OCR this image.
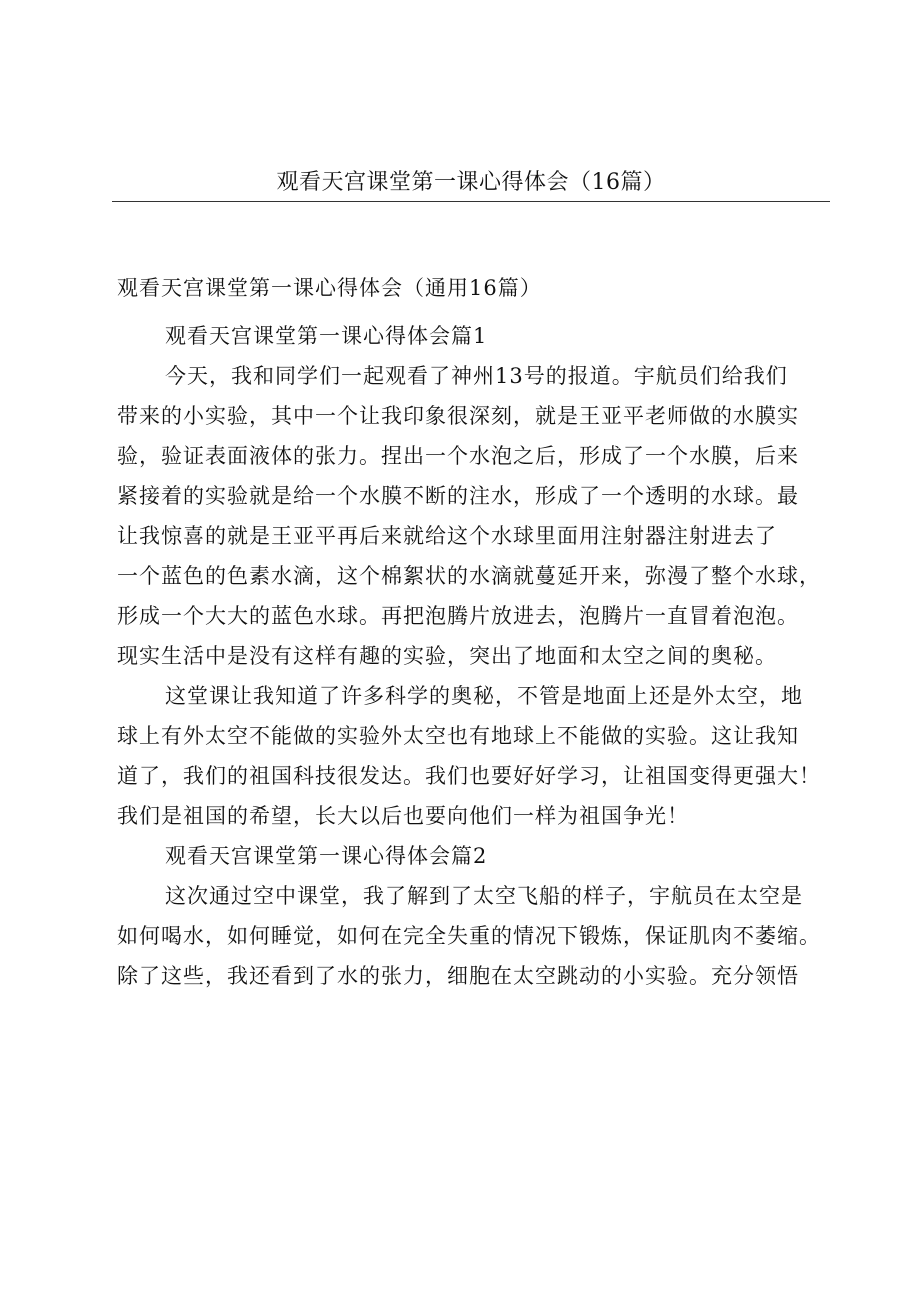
观看天宫课堂第一课心得体会（16篇）
观看天宫课堂第一课心得体会（通用16篇）
观看天宫课堂第一课心得体会篇1
今天，我和同学们一起观看了神州13号的报道。宇航员们给我们
带来的小实验，其中一个让我印象很深刻，就是王亚平老师做的水膜实
验，验证表面液体的张力。捏出一个水泡之后，形成了一个水膜，后来
紧接着的实验就是给一个水膜不断的注水，形成了一个透明的水球。最
让我惊喜的就是王亚平再后来就给这个水球里面用注射器注射进去了
一个蓝色的色素水滴，这个棉絮状的水滴就蔓延开来，弥漫了整个水球，
形成一个大大的蓝色水球。再把泡腾片放进去，泡腾片一直冒着泡泡。
现实生活中是没有这样有趣的实验，突出了地面和太空之间的奥秘。
这堂课让我知道了许多科学的奥秘，不管是地面上还是外太空，地
球上有外太空不能做的实验外太空也有地球上不能做的实验。这让我知
道了，我们的祖国科技很发达。我们也要好好学习，让祖国变得更强大！
我们是祖国的希望，长大以后也要向他们一样为祖国争光！
观看天宫课堂第一课心得体会篇2
这次通过空中课堂，我了解到了太空飞船的样子，宇航员在太空是
如何喝水，如何睡觉，如何在完全失重的情况下锻炼，保证肌肉不萎缩。
除了这些，我还看到了水的张力，细胞在太空跳动的小实验。充分领悟
